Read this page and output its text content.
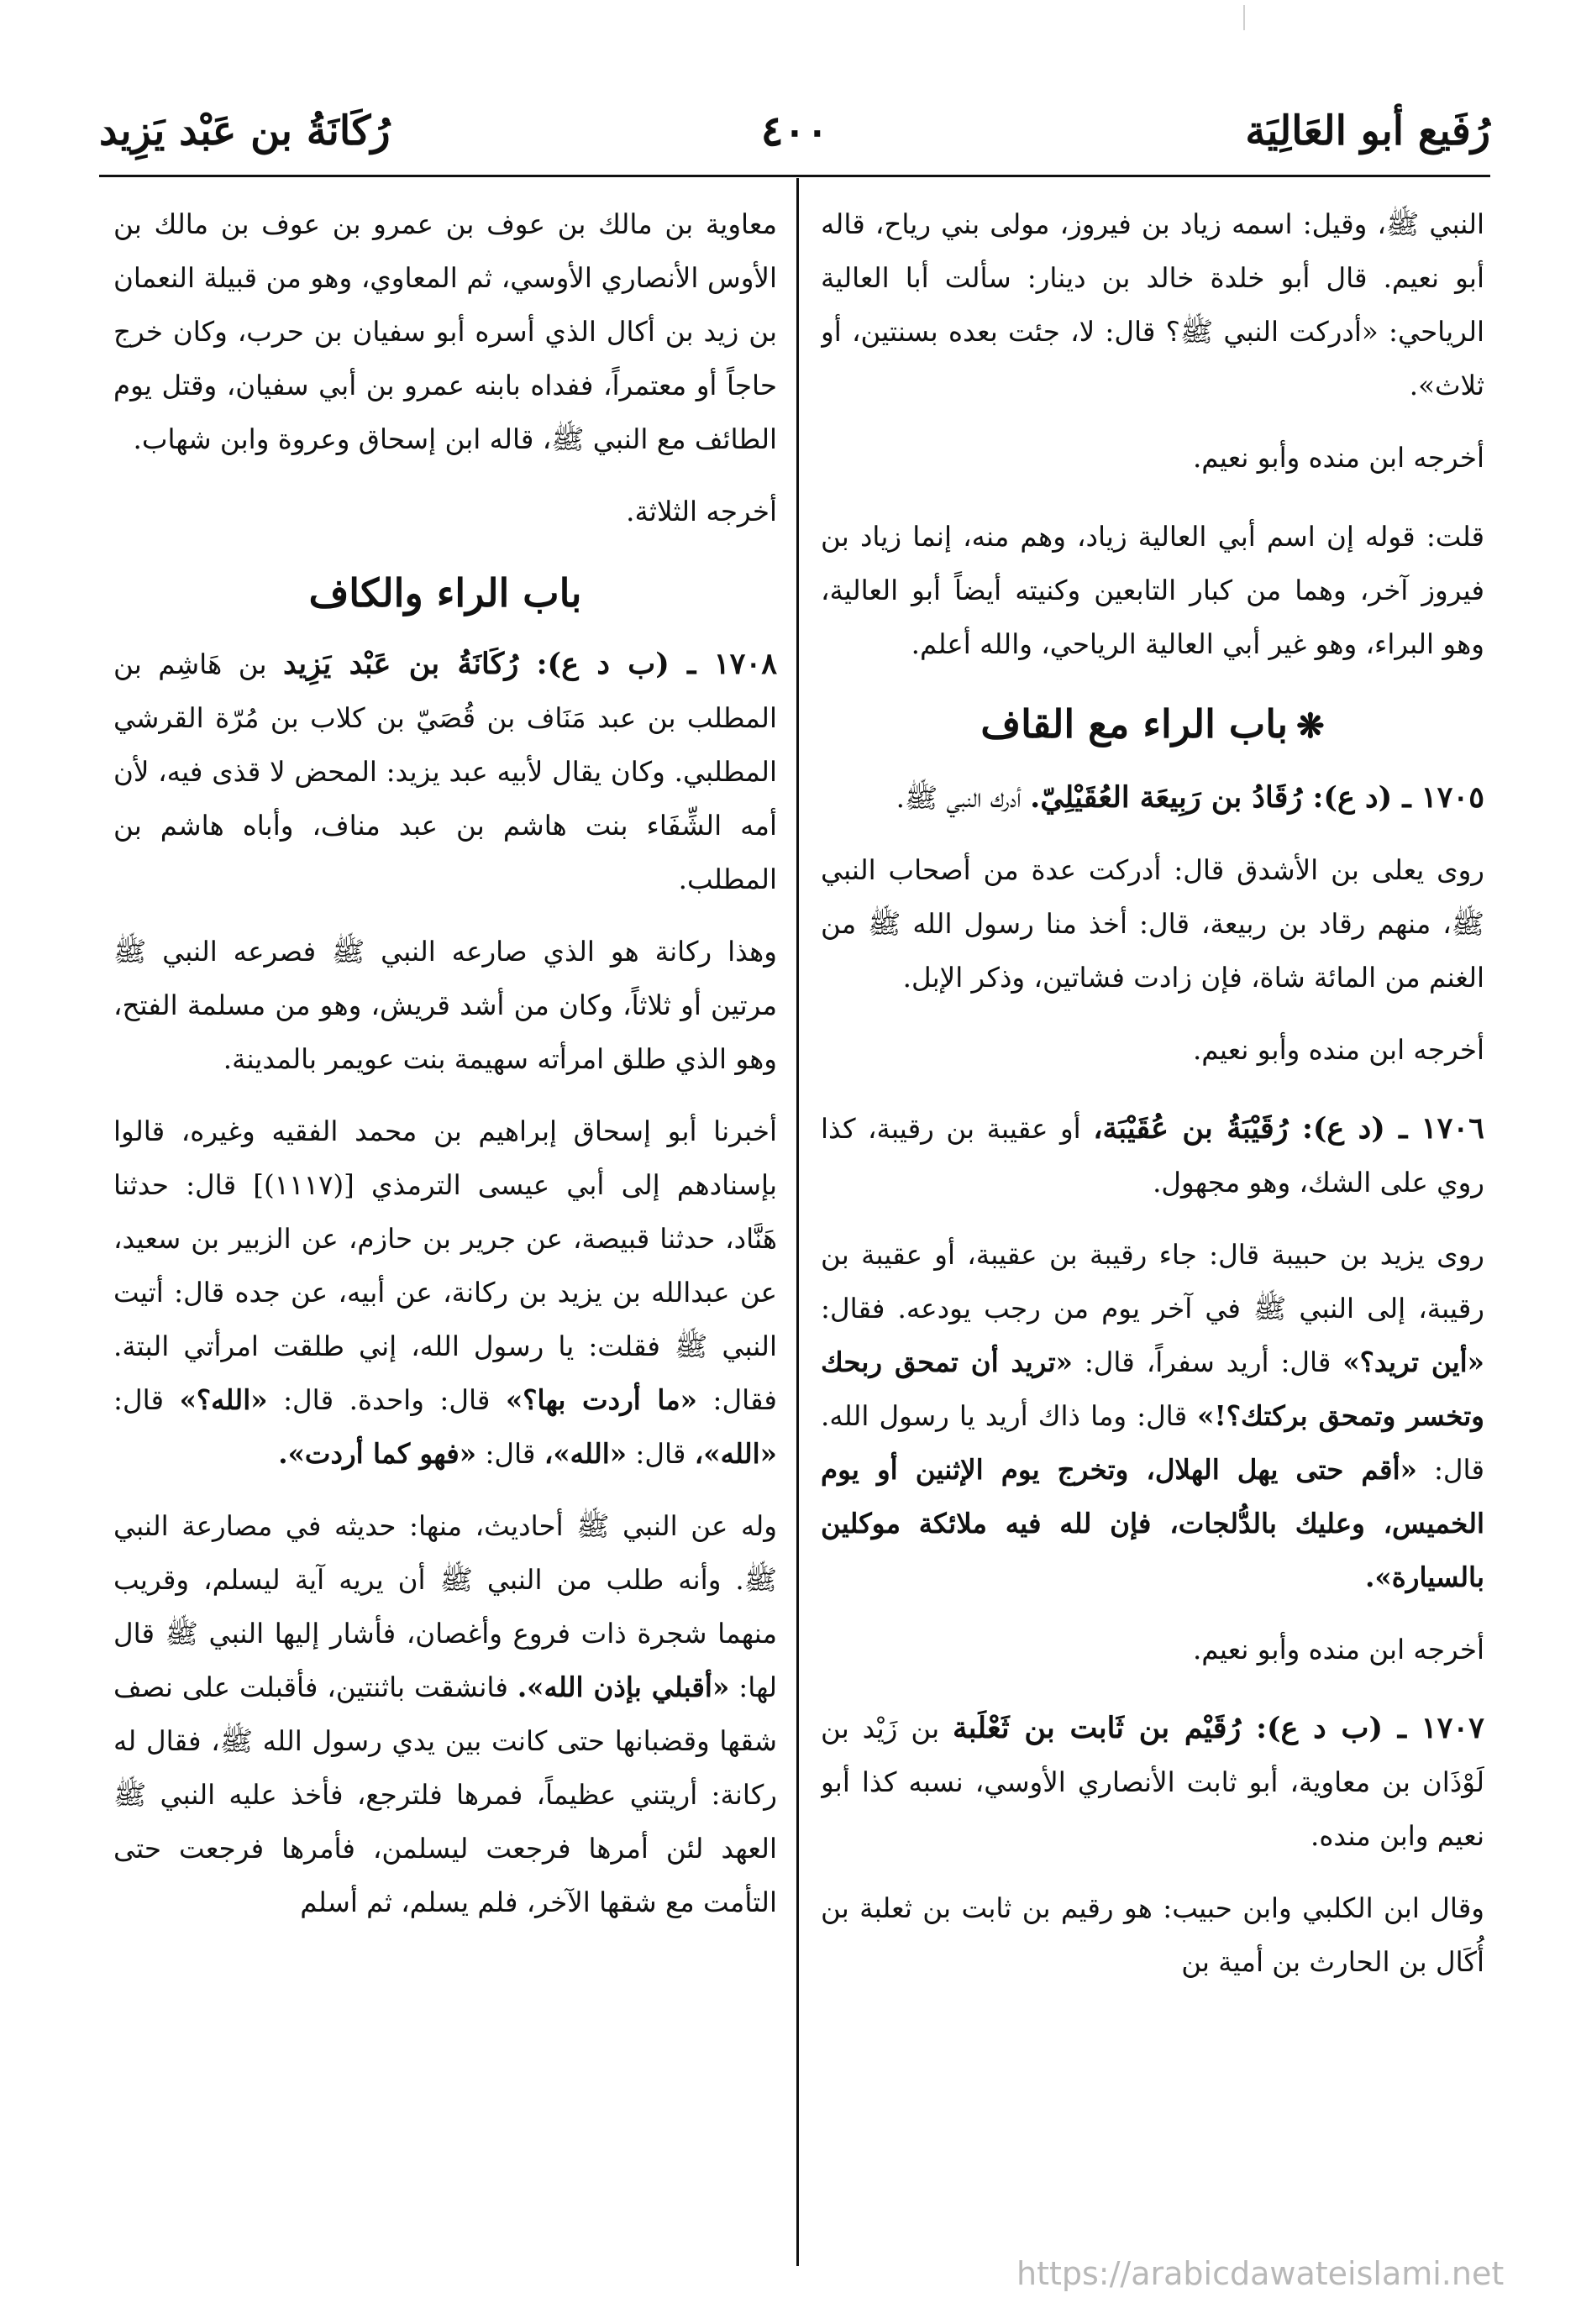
رُفَيع أبو العَالِيَة
٤٠٠
رُكَانَةُ بن عَبْد يَزِيد

النبي ﷺ، وقيل: اسمه زياد بن فيروز، مولى بني رياح، قاله أبو نعيم. قال أبو خلدة خالد بن دينار: سألت أبا العالية الرياحي: «أدركت النبي ﷺ؟ قال: لا، جئت بعده بسنتين، أو ثلاث».

أخرجه ابن منده وأبو نعيم.

قلت: قوله إن اسم أبي العالية زياد، وهم منه، إنما زياد بن فيروز آخر، وهما من كبار التابعين وكنيته أيضاً أبو العالية، وهو البراء، وهو غير أبي العالية الرياحي، والله أعلم.

❋باب الراء مع القاف

١٧٠٥ ـ (د ع): رُقَادُ بن رَبِيعَة العُقَيْلِيّ. أدرك النبي ﷺ.

روى يعلى بن الأشدق قال: أدركت عدة من أصحاب النبي ﷺ، منهم رقاد بن ربيعة، قال: أخذ منا رسول الله ﷺ من الغنم من المائة شاة، فإن زادت فشاتين، وذكر الإبل.

أخرجه ابن منده وأبو نعيم.

١٧٠٦ ـ (د ع): رُقَيْبَةُ بن عُقَيْبَة، أو عقيبة بن رقيبة، كذا روي على الشك، وهو مجهول.

روى يزيد بن حبيبة قال: جاء رقيبة بن عقيبة، أو عقيبة بن رقيبة، إلى النبي ﷺ في آخر يوم من رجب يودعه. فقال: «أين تريد؟» قال: أريد سفراً، قال: «تريد أن تمحق ربحك وتخسر وتمحق بركتك؟!» قال: وما ذاك أريد يا رسول الله. قال: «أقم حتى يهل الهلال، وتخرج يوم الإثنين أو يوم الخميس، وعليك بالدُّلجات، فإن لله فيه ملائكة موكلين بالسيارة».

أخرجه ابن منده وأبو نعيم.

١٧٠٧ ـ (ب د ع): رُقَيْم بن ثَابت بن ثَعْلَبة بن زَيْد بن لَوْذَان بن معاوية، أبو ثابت الأنصاري الأوسي، نسبه كذا أبو نعيم وابن منده.

وقال ابن الكلبي وابن حبيب: هو رقيم بن ثابت بن ثعلبة بن أُكَال بن الحارث بن أمية بن

معاوية بن مالك بن عوف بن عمرو بن عوف بن مالك بن الأوس الأنصاري الأوسي، ثم المعاوي، وهو من قبيلة النعمان بن زيد بن أكال الذي أسره أبو سفيان بن حرب، وكان خرج حاجاً أو معتمراً، ففداه بابنه عمرو بن أبي سفيان، وقتل يوم الطائف مع النبي ﷺ، قاله ابن إسحاق وعروة وابن شهاب.

أخرجه الثلاثة.

باب الراء والكاف

١٧٠٨ ـ (ب د ع): رُكَانَةُ بن عَبْد يَزِيد بن هَاشِم بن المطلب بن عبد مَنَاف بن قُصَيّ بن كلاب بن مُرّة القرشي المطلبي. وكان يقال لأبيه عبد يزيد: المحض لا قذى فيه، لأن أمه الشِّفَاء بنت هاشم بن عبد مناف، وأباه هاشم بن المطلب.

وهذا ركانة هو الذي صارعه النبي ﷺ فصرعه النبي ﷺ مرتين أو ثلاثاً، وكان من أشد قريش، وهو من مسلمة الفتح، وهو الذي طلق امرأته سهيمة بنت عويمر بالمدينة.

أخبرنا أبو إسحاق إبراهيم بن محمد الفقيه وغيره، قالوا بإسنادهم إلى أبي عيسى الترمذي [(١١١٧)] قال: حدثنا هَنَّاد، حدثنا قبيصة، عن جرير بن حازم، عن الزبير بن سعيد، عن عبدالله بن يزيد بن ركانة، عن أبيه، عن جده قال: أتيت النبي ﷺ فقلت: يا رسول الله، إني طلقت امرأتي البتة. فقال: «ما أردت بها؟» قال: واحدة. قال: «الله؟» قال: «الله»، قال: «الله»، قال: «فهو كما أردت».

وله عن النبي ﷺ أحاديث، منها: حديثه في مصارعة النبي ﷺ. وأنه طلب من النبي ﷺ أن يريه آية ليسلم، وقريب منهما شجرة ذات فروع وأغصان، فأشار إليها النبي ﷺ قال لها: «أقبلي بإذن الله». فانشقت باثنتين، فأقبلت على نصف شقها وقضبانها حتى كانت بين يدي رسول الله ﷺ، فقال له ركانة: أريتني عظيماً، فمرها فلترجع، فأخذ عليه النبي ﷺ العهد لئن أمرها فرجعت ليسلمن، فأمرها فرجعت حتى التأمت مع شقها الآخر، فلم يسلم، ثم أسلم

https://arabicdawateislami.net
